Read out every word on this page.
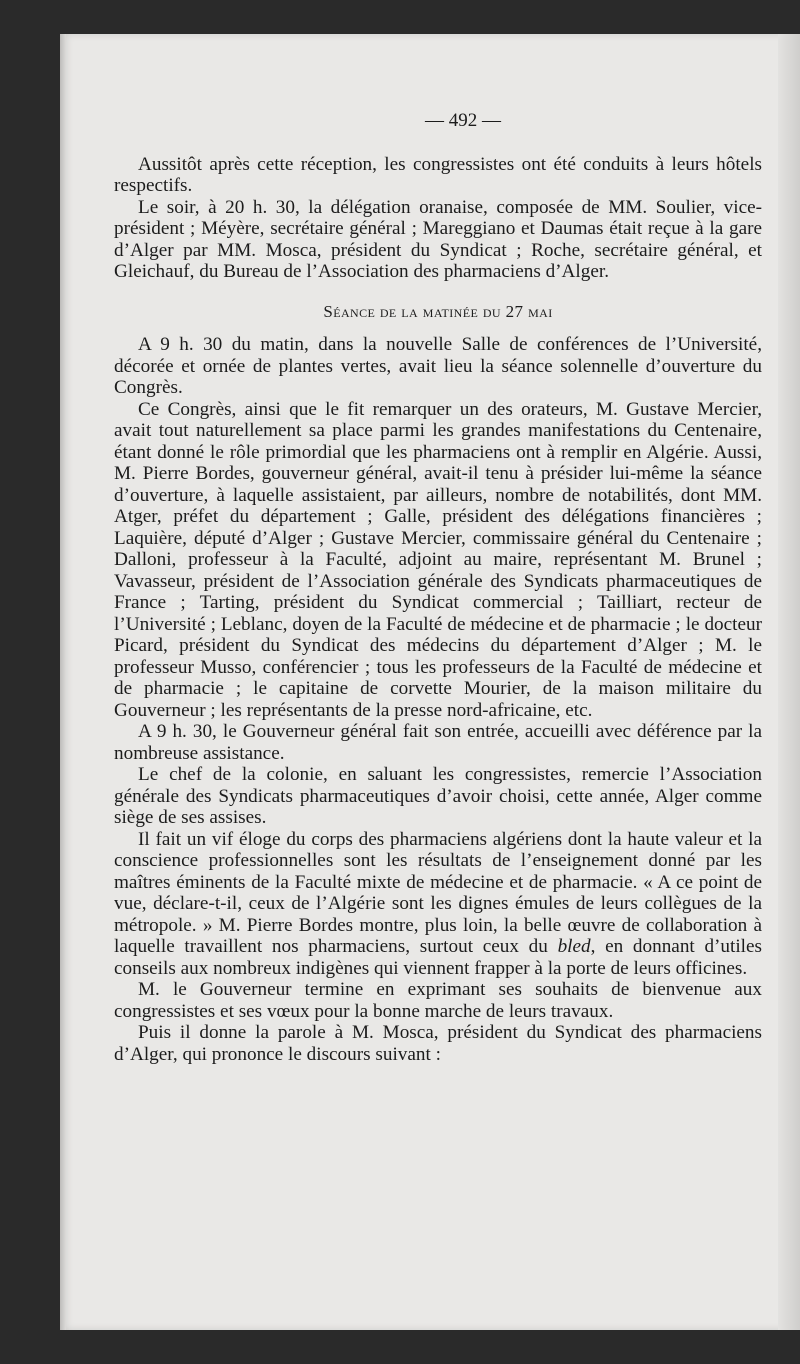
— 492 —

Aussitôt après cette réception, les congressistes ont été conduits à leurs hôtels respectifs.

Le soir, à 20 h. 30, la délégation oranaise, composée de MM. Soulier, vice-président ; Méyère, secrétaire général ; Mareggiano et Daumas était reçue à la gare d’Alger par MM. Mosca, président du Syndicat ; Roche, secrétaire général, et Gleichauf, du Bureau de l’Association des pharmaciens d’Alger.

Séance de la matinée du 27 mai

A 9 h. 30 du matin, dans la nouvelle Salle de conférences de l’Université, décorée et ornée de plantes vertes, avait lieu la séance solennelle d’ouverture du Congrès.

Ce Congrès, ainsi que le fit remarquer un des orateurs, M. Gustave Mercier, avait tout naturellement sa place parmi les grandes manifestations du Centenaire, étant donné le rôle primordial que les pharmaciens ont à remplir en Algérie. Aussi, M. Pierre Bordes, gouverneur général, avait-il tenu à présider lui-même la séance d’ouverture, à laquelle assistaient, par ailleurs, nombre de notabilités, dont MM. Atger, préfet du département ; Galle, président des délégations financières ; Laquière, député d’Alger ; Gustave Mercier, commissaire général du Centenaire ; Dalloni, professeur à la Faculté, adjoint au maire, représentant M. Brunel ; Vavasseur, président de l’Association générale des Syndicats pharmaceutiques de France ; Tarting, président du Syndicat commercial ; Tailliart, recteur de l’Université ; Leblanc, doyen de la Faculté de médecine et de pharmacie ; le docteur Picard, président du Syndicat des médecins du département d’Alger ; M. le professeur Musso, conférencier ; tous les professeurs de la Faculté de médecine et de pharmacie ; le capitaine de corvette Mourier, de la maison militaire du Gouverneur ; les représentants de la presse nord-africaine, etc.

A 9 h. 30, le Gouverneur général fait son entrée, accueilli avec déférence par la nombreuse assistance.

Le chef de la colonie, en saluant les congressistes, remercie l’Association générale des Syndicats pharmaceutiques d’avoir choisi, cette année, Alger comme siège de ses assises.

Il fait un vif éloge du corps des pharmaciens algériens dont la haute valeur et la conscience professionnelles sont les résultats de l’enseignement donné par les maîtres éminents de la Faculté mixte de médecine et de pharmacie. « A ce point de vue, déclare-t-il, ceux de l’Algérie sont les dignes émules de leurs collègues de la métropole. » M. Pierre Bordes montre, plus loin, la belle œuvre de collaboration à laquelle travaillent nos pharmaciens, surtout ceux du bled, en donnant d’utiles conseils aux nombreux indigènes qui viennent frapper à la porte de leurs officines.

M. le Gouverneur termine en exprimant ses souhaits de bienvenue aux congressistes et ses vœux pour la bonne marche de leurs travaux.

Puis il donne la parole à M. Mosca, président du Syndicat des pharmaciens d’Alger, qui prononce le discours suivant :
